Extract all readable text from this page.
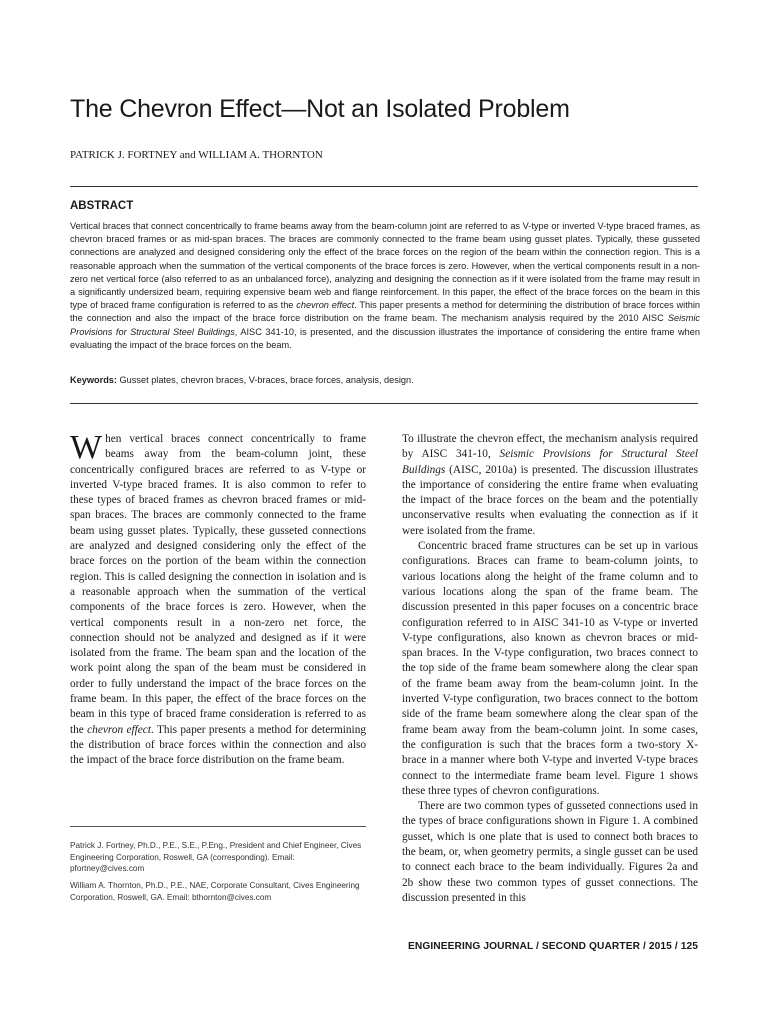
The Chevron Effect—Not an Isolated Problem
PATRICK J. FORTNEY and WILLIAM A. THORNTON
ABSTRACT

Vertical braces that connect concentrically to frame beams away from the beam-column joint are referred to as V-type or inverted V-type braced frames, as chevron braced frames or as mid-span braces. The braces are commonly connected to the frame beam using gusset plates. Typically, these gusseted connections are analyzed and designed considering only the effect of the brace forces on the region of the beam within the connection region. This is a reasonable approach when the summation of the vertical components of the brace forces is zero. However, when the vertical components result in a non-zero net vertical force (also referred to as an unbalanced force), analyzing and designing the connection as if it were isolated from the frame may result in a significantly undersized beam, requiring expensive beam web and flange reinforcement. In this paper, the effect of the brace forces on the beam in this type of braced frame configuration is referred to as the chevron effect. This paper presents a method for determining the distribution of brace forces within the connection and also the impact of the brace force distribution on the frame beam. The mechanism analysis required by the 2010 AISC Seismic Provisions for Structural Steel Buildings, AISC 341-10, is presented, and the discussion illustrates the importance of considering the entire frame when evaluating the impact of the brace forces on the beam.

Keywords: Gusset plates, chevron braces, V-braces, brace forces, analysis, design.

When vertical braces connect concentrically to frame beams away from the beam-column joint, these concentrically configured braces are referred to as V-type or inverted V-type braced frames. It is also common to refer to these types of braced frames as chevron braced frames or mid-span braces. The braces are commonly connected to the frame beam using gusset plates. Typically, these gusseted connections are analyzed and designed considering only the effect of the brace forces on the portion of the beam within the connection region. This is called designing the connection in isolation and is a reasonable approach when the summation of the vertical components of the brace forces is zero. However, when the vertical components result in a non-zero net force, the connection should not be analyzed and designed as if it were isolated from the frame. The beam span and the location of the work point along the span of the beam must be considered in order to fully understand the impact of the brace forces on the frame beam. In this paper, the effect of the brace forces on the beam in this type of braced frame consideration is referred to as the chevron effect. This paper presents a method for determining the distribution of brace forces within the connection and also the impact of the brace force distribution on the frame beam.

To illustrate the chevron effect, the mechanism analysis required by AISC 341-10, Seismic Provisions for Structural Steel Buildings (AISC, 2010a) is presented. The discussion illustrates the importance of considering the entire frame when evaluating the impact of the brace forces on the beam and the potentially unconservative results when evaluating the connection as if it were isolated from the frame.

Concentric braced frame structures can be set up in various configurations. Braces can frame to beam-column joints, to various locations along the height of the frame column and to various locations along the span of the frame beam. The discussion presented in this paper focuses on a concentric brace configuration referred to in AISC 341-10 as V-type or inverted V-type configurations, also known as chevron braces or mid-span braces. In the V-type configuration, two braces connect to the top side of the frame beam somewhere along the clear span of the frame beam away from the beam-column joint. In the inverted V-type configuration, two braces connect to the bottom side of the frame beam somewhere along the clear span of the frame beam away from the beam-column joint. In some cases, the configuration is such that the braces form a two-story X-brace in a manner where both V-type and inverted V-type braces connect to the intermediate frame beam level. Figure 1 shows these three types of chevron configurations.

There are two common types of gusseted connections used in the types of brace configurations shown in Figure 1. A combined gusset, which is one plate that is used to connect both braces to the beam, or, when geometry permits, a single gusset can be used to connect each brace to the beam individually. Figures 2a and 2b show these two common types of gusset connections. The discussion presented in this

Patrick J. Fortney, Ph.D., P.E., S.E., P.Eng., President and Chief Engineer, Cives Engineering Corporation, Roswell, GA (corresponding). Email: pfortney@cives.com

William A. Thornton, Ph.D., P.E., NAE, Corporate Consultant, Cives Engineering Corporation, Roswell, GA. Email: bthornton@cives.com

ENGINEERING JOURNAL / SECOND QUARTER / 2015 / 125
